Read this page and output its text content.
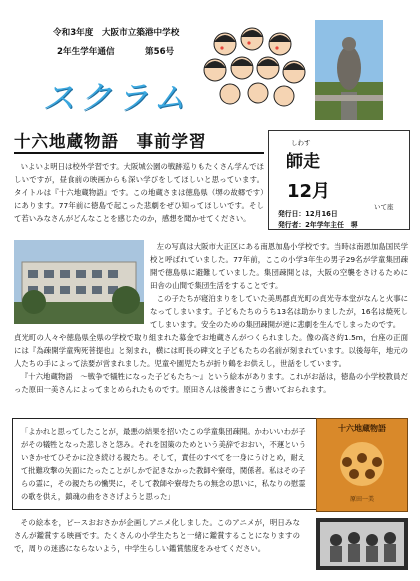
令和3年度　大阪市立築港中学校
2年生学年通信	第56号
スクラム
十六地蔵物語　事前学習	しわす
師走
12月
いて座
発行日：12月16日
発行者：2年学年主任　堺

いよいよ明日は校外学習です。大阪城公園の戦跡巡りもたくさん学んでほしいですが，昼食前の映画からも深い学びをしてほしいと思っています。タイトルは『十六地蔵物語』です。この地蔵さまは徳島県（堺の故郷です）にあります。77年前に徳島で起こった悲劇をぜひ知ってほしいです。そして若いみなさんがどんなことを感じたのか，感想を聞かせてください。

左の写真は大阪市大正区にある南恩加島小学校です。当時は南恩加島国民学校と呼ばれていました。77年前，ここの小学3年生の男子29名が学童集団疎開で徳島県に避難していました。集団疎開とは，大阪の空襲をさけるために田舎の山間で集団生活をすることです。

この子たちが寝泊まりをしていた美馬郡貞光町の貞光寺本堂がなんと火事になってしまいます。子どもたちのうち13名は助かりましたが，16名は焼死してしまいます。安全のための集団疎開が逆に悲劇を生んでしまったのです。

貞光町の人々や徳島県全県の学校で取り組まれた募金でお地蔵さんがつくられました。像の高さ約1.5m，台座の正面には『為疎開学童殉死菩提也』と刻まれ，横には町長の碑文と子どもたちの名前が刻まれています。以後毎年，地元の人たちの手によって法要が営まれました。児童や園児たちが折り鶴をお供えし，世話をしています。

『十六地蔵物語　～戦争で犠牲になった子どもたち～』という絵本があります。これがお話は，徳島の小学校教員だった原田一美さんによってまとめられたものです。原田さんは後書きにこう書いておられます。

「よかれと思ってしたことが，最悪の結果を招いたこの学童集団疎開。かわいいわが子がその犠牲となった悲しさと怨み。それを国策のためという美辞でおおい，不運といういきかせてひそかに泣き続ける親たち。そして，責任のすべてを一身にうけとめ，耐えて批難攻撃の矢面にたったことがしかで記きなかった教師や寮母，関係者。私はその子らの霊に，その親たちの慟哭に，そして教師や寮母たちの無念の思いに，私なりの慰霊の歌を供え，鎮魂の曲をささげようと思った」
十六地蔵物語
原田一美

その絵本を，ピースおおさかが企画しアニメ化しました。このアニメが，明日みなさんが鑑賞する映画です。たくさんの小学生たちと一緒に鑑賞することになりますので，周りの迷惑にならないよう，中学生らしい鑑賞態度をみせてください。
